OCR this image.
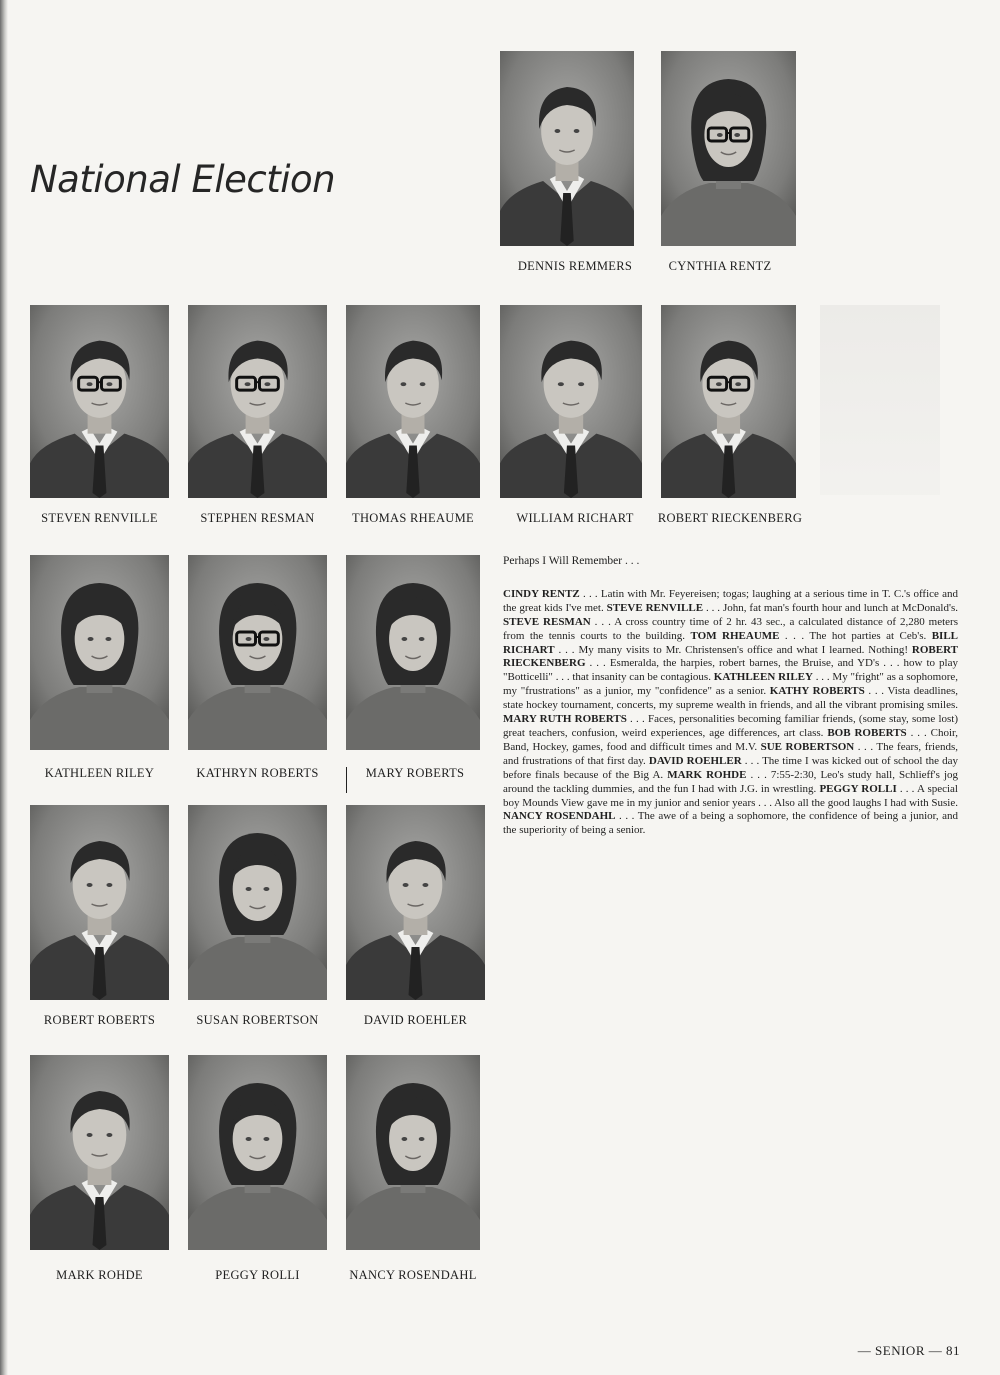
National Election
DENNIS REMMERS	CYNTHIA RENTZ
STEVEN RENVILLE	STEPHEN RESMAN	THOMAS RHEAUME	WILLIAM RICHART	ROBERT RIECKENBERG
KATHLEEN RILEY	KATHRYN ROBERTS	MARY ROBERTS
ROBERT ROBERTS	SUSAN ROBERTSON	DAVID ROEHLER
MARK ROHDE	PEGGY ROLLI	NANCY ROSENDAHL

Perhaps I Will Remember . . .

CINDY RENTZ . . . Latin with Mr. Feyereisen; togas; laughing at a serious time in T. C.'s office and the great kids I've met. STEVE RENVILLE . . . John, fat man's fourth hour and lunch at McDonald's. STEVE RESMAN . . . A cross country time of 2 hr. 43 sec., a calculated distance of 2,280 meters from the tennis courts to the building. TOM RHEAUME . . . The hot parties at Ceb's. BILL RICHART . . . My many visits to Mr. Christensen's office and what I learned. Nothing! ROBERT RIECKENBERG . . . Esmeralda, the harpies, robert barnes, the Bruise, and YD's . . . how to play "Botticelli" . . . that insanity can be contagious. KATHLEEN RILEY . . . My "fright" as a sophomore, my "frustrations" as a junior, my "confidence" as a senior. KATHY ROBERTS . . . Vista deadlines, state hockey tournament, concerts, my supreme wealth in friends, and all the vibrant promising smiles. MARY RUTH ROBERTS . . . Faces, personalities becoming familiar friends, (some stay, some lost) great teachers, confusion, weird experiences, age differences, art class. BOB ROBERTS . . . Choir, Band, Hockey, games, food and difficult times and M.V. SUE ROBERTSON . . . The fears, friends, and frustrations of that first day. DAVID ROEHLER . . . The time I was kicked out of school the day before finals because of the Big A. MARK ROHDE . . . 7:55-2:30, Leo's study hall, Schlieff's jog around the tackling dummies, and the fun I had with J.G. in wrestling. PEGGY ROLLI . . . A special boy Mounds View gave me in my junior and senior years . . . Also all the good laughs I had with Susie. NANCY ROSENDAHL . . . The awe of a being a sophomore, the confidence of being a junior, and the superiority of being a senior.

— SENIOR — 81
